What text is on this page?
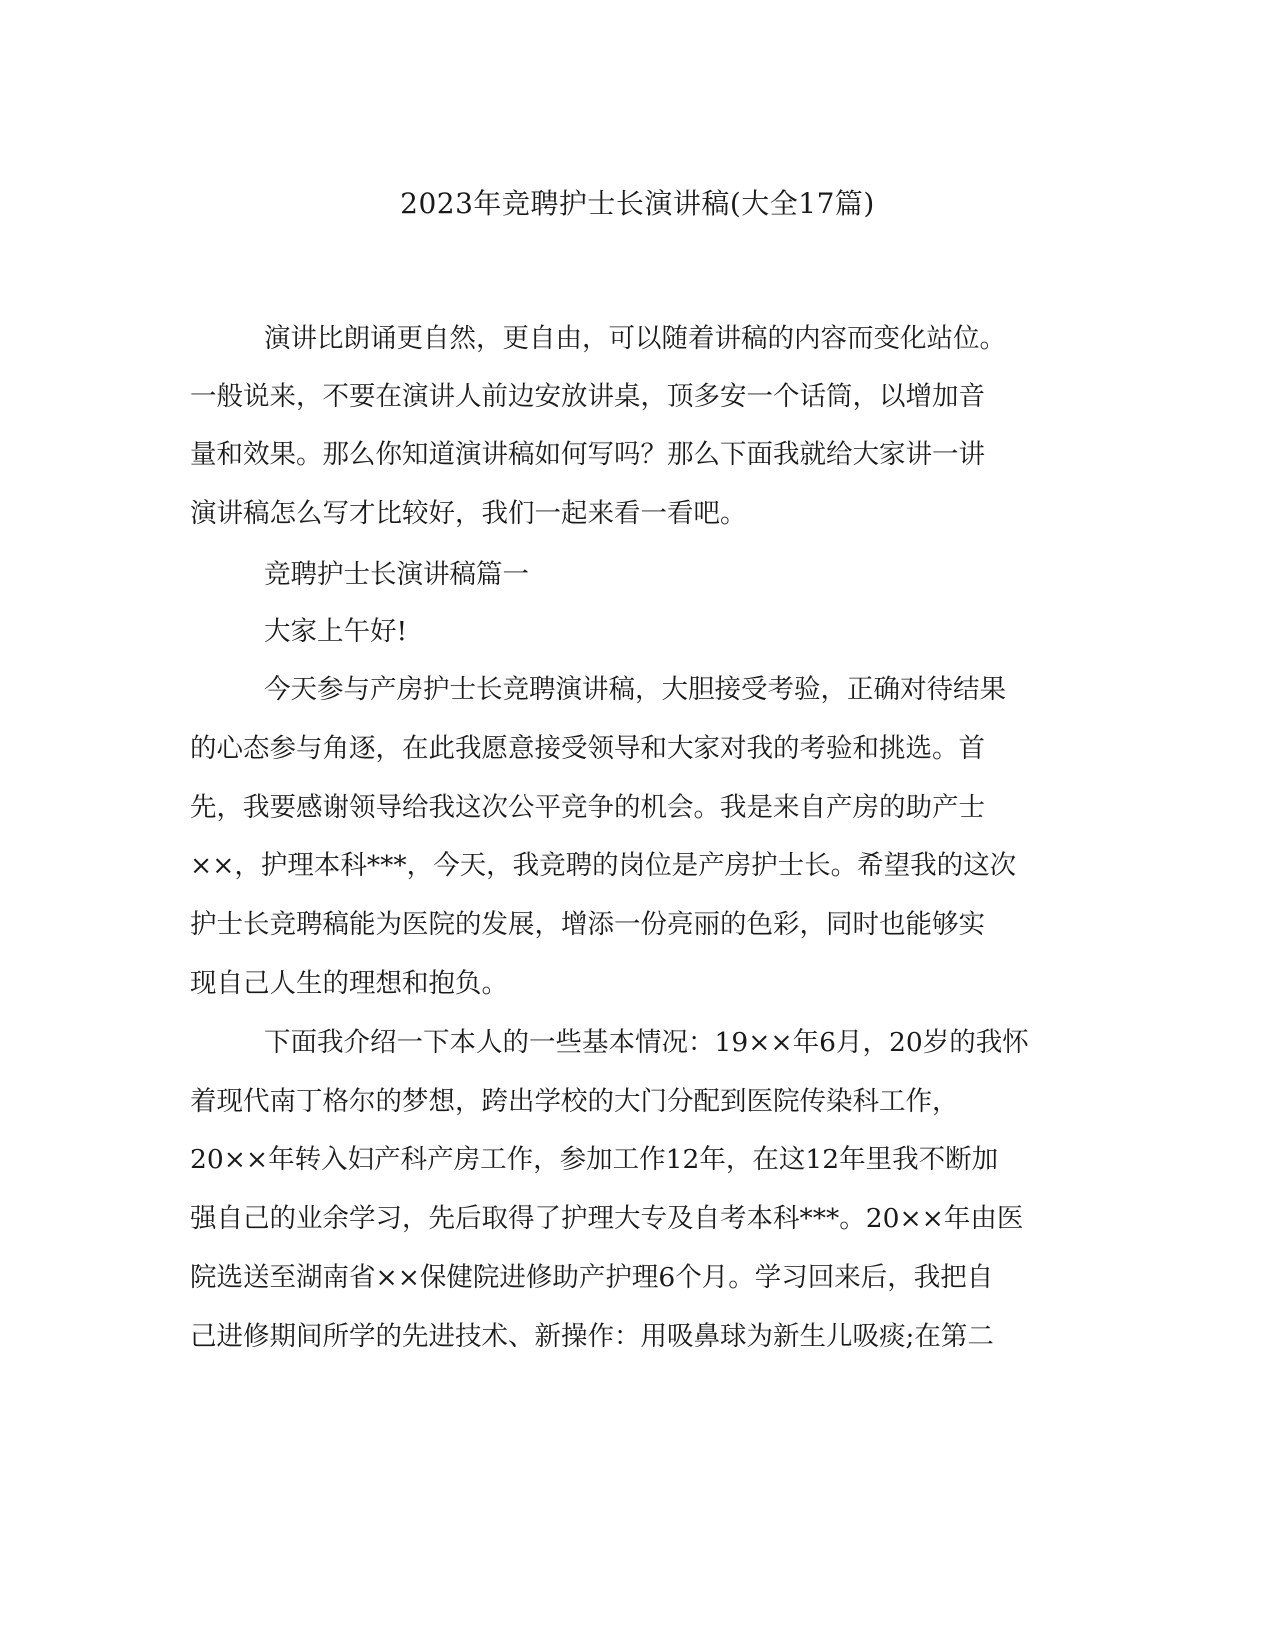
2023年竞聘护士长演讲稿(大全17篇)

演讲比朗诵更自然，更自由，可以随着讲稿的内容而变化站位。

一般说来，不要在演讲人前边安放讲桌，顶多安一个话筒，以增加音

量和效果。那么你知道演讲稿如何写吗？那么下面我就给大家讲一讲

演讲稿怎么写才比较好，我们一起来看一看吧。

竞聘护士长演讲稿篇一

大家上午好!

今天参与产房护士长竞聘演讲稿，大胆接受考验，正确对待结果

的心态参与角逐，在此我愿意接受领导和大家对我的考验和挑选。首

先，我要感谢领导给我这次公平竞争的机会。我是来自产房的助产士

××，护理本科***，今天，我竞聘的岗位是产房护士长。希望我的这次

护士长竞聘稿能为医院的发展，增添一份亮丽的色彩，同时也能够实

现自己人生的理想和抱负。

下面我介绍一下本人的一些基本情况：19××年6月，20岁的我怀

着现代南丁格尔的梦想，跨出学校的大门分配到医院传染科工作，

20××年转入妇产科产房工作，参加工作12年，在这12年里我不断加

强自己的业余学习，先后取得了护理大专及自考本科***。20××年由医

院选送至湖南省××保健院进修助产护理6个月。学习回来后，我把自

己进修期间所学的先进技术、新操作：用吸鼻球为新生儿吸痰;在第二
